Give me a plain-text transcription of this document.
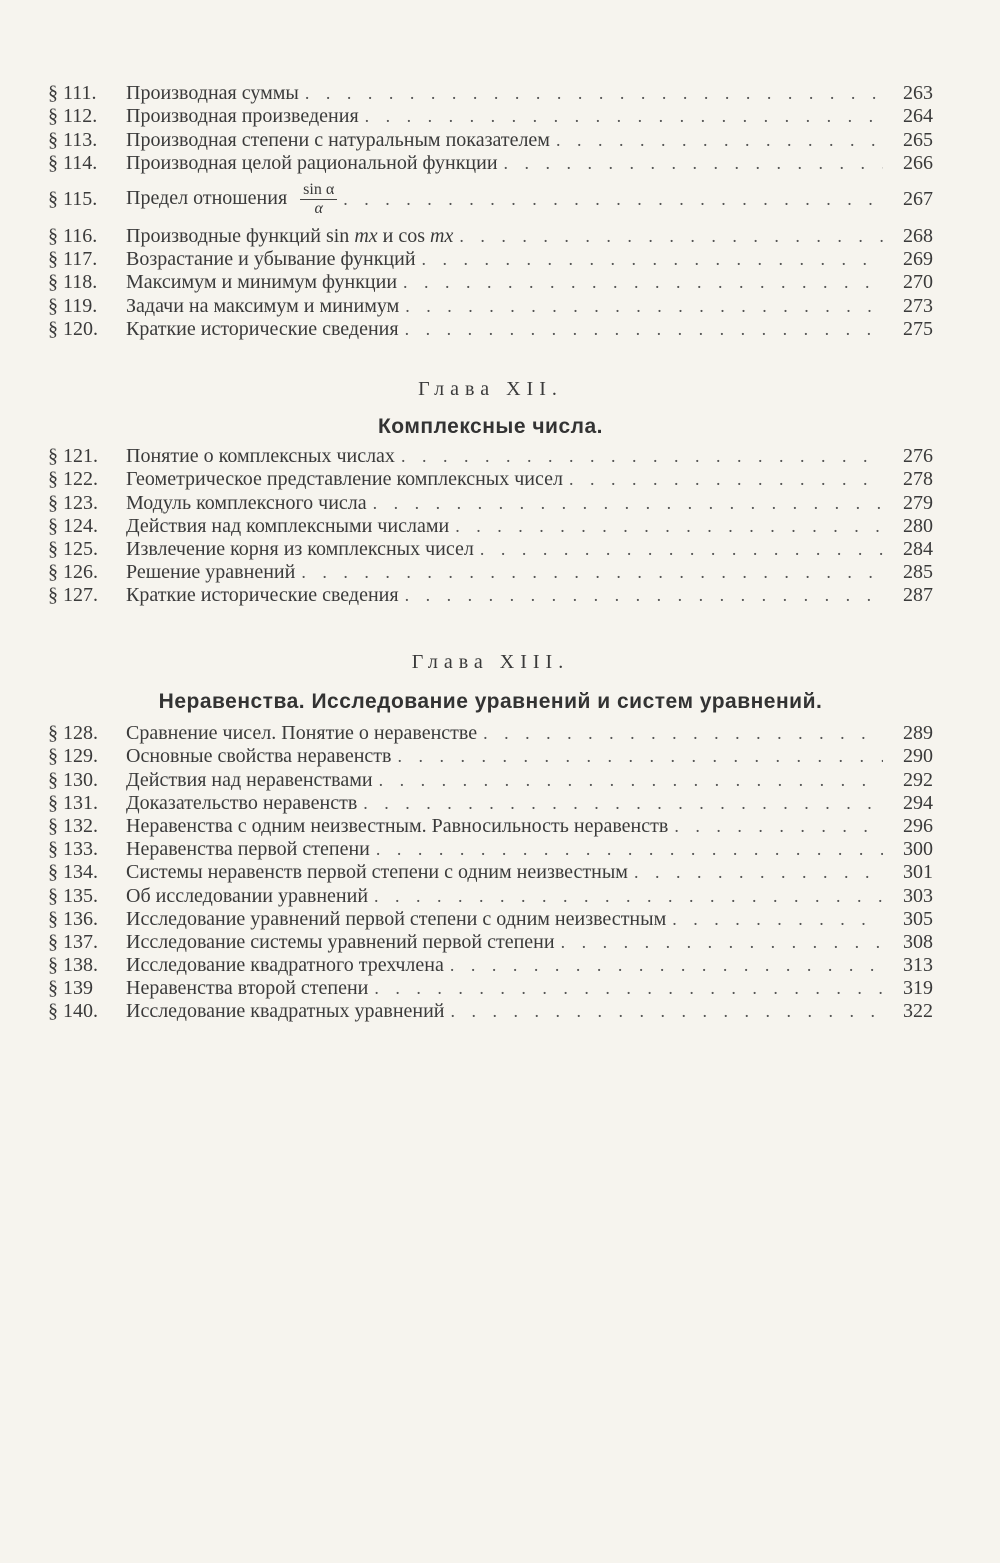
§ 111.	Производная суммы . . .	263
§ 112.	Производная произведения . . .	264
§ 113.	Производная степени с натуральным показателем . . .	265
§ 114.	Производная целой рациональной функции . . .	266
§ 115.	Предел отношения $\frac{\text{sin α}}{\alpha}$ . . .	267
§ 116.	Производные функций sin mx и cos mx . . .	268
§ 117.	Возрастание и убывание функций . . .	269
§ 118.	Максимум и минимум функции . . .	270
§ 119.	Задачи на максимум и минимум . . .	273
§ 120.	Краткие исторические сведения . . .	275

Глава XII.

Комплексные числа.

§ 121.	Понятие о комплексных числах . . .	276
§ 122.	Геометрическое представление комплексных чисел . . .	278
§ 123.	Модуль комплексного числа . . .	279
§ 124.	Действия над комплексными числами . . .	280
§ 125.	Извлечение корня из комплексных чисел . . .	284
§ 126.	Решение уравнений . . .	285
§ 127.	Краткие исторические сведения . . .	287

Глава XIII.

Неравенства. Исследование уравнений и систем уравнений.

§ 128.	Сравнение чисел. Понятие о неравенстве . . .	289
§ 129.	Основные свойства неравенств . . .	290
§ 130.	Действия над неравенствами . . .	292
§ 131.	Доказательство неравенств . . .	294
§ 132.	Неравенства с одним неизвестным. Равносильность неравенств . . .	296
§ 133.	Неравенства первой степени . . .	300
§ 134.	Системы неравенств первой степени с одним неизвестным . . .	301
§ 135.	Об исследовании уравнений . . .	303
§ 136.	Исследование уравнений первой степени с одним неизвестным . . .	305
§ 137.	Исследование системы уравнений первой степени . . .	308
§ 138.	Исследование квадратного трехчлена . . .	313
§ 139	Неравенства второй степени . . .	319
§ 140.	Исследование квадратных уравнений . . .	322
